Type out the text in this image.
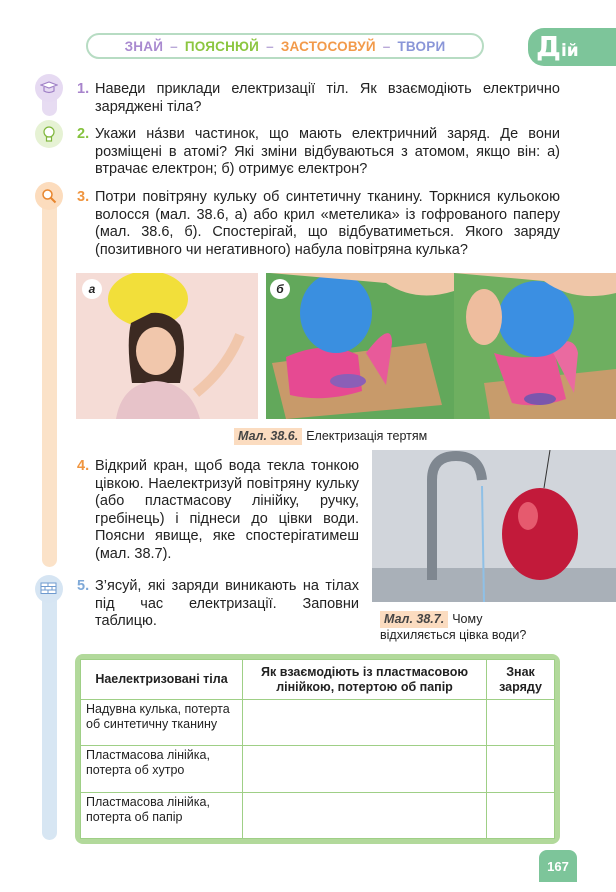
ЗНАЙ – ПОЯСНЮЙ – ЗАСТОСОВУЙ – ТВОРИ	Дій
1. Наведи приклади електризації тіл. Як взаємодіють електрично заряджені тіла?
2. Укажи на́зви частинок, що мають електричний заряд. Де вони розміщені в атомі? Які зміни відбуваються з атомом, якщо він: а) втрачає електрон; б) отримує електрон?
3. Потри повітряну кульку об синтетичну тканину. Торкнися кульокою волосся (мал. 38.6, а) або крил «метелика» із гофрованого паперу (мал. 38.6, б). Спостерігай, що відбуватиметься. Якого заряду (позитивного чи негативного) набула повітряна кулька?
а	б
Мал. 38.6. Електризація тертям
4. Відкрий кран, щоб вода текла тонкою цівкою. Наелектризуй повітряну кульку (або пластмасову лінійку, ручку, гребінець) і піднеси до цівки води. Поясни явище, яке спостерігатимеш (мал. 38.7).
Мал. 38.7. Чому відхиляється цівка води?
5. З’ясуй, які заряди виникають на тілах під час електризації. Заповни таблицю.
Наелектризовані тіла	Як взаємодіють із пластмасовою лінійкою, потертою об папір	Знак заряду
Надувна кулька, потерта об синтетичну тканину		
Пластмасова лінійка, потерта об хутро		
Пластмасова лінійка, потерта об папір		
167
